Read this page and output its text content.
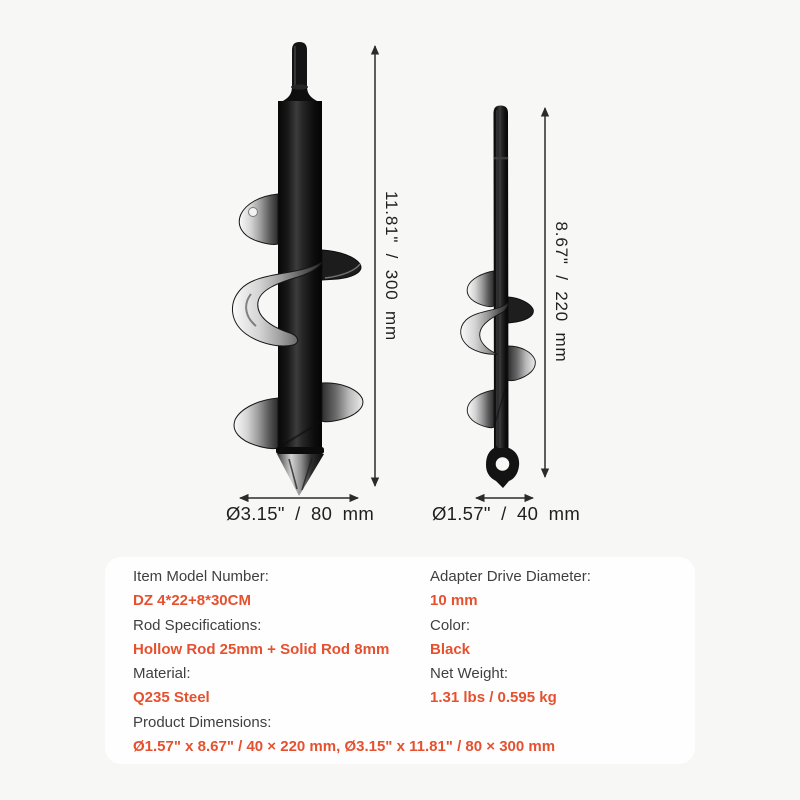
11.81" / 300 mm	8.67" / 220 mm
Ø3.15" / 80 mm	Ø1.57" / 40 mm
Item Model Number:
DZ 4*22+8*30CM
Rod Specifications:
Hollow Rod 25mm + Solid Rod 8mm
Material:
Q235 Steel
Adapter Drive Diameter:
10 mm
Color:
Black
Net Weight:
1.31 lbs / 0.595 kg
Product Dimensions:
Ø1.57" x 8.67" / 40 × 220 mm, Ø3.15" x 11.81" / 80 × 300 mm
